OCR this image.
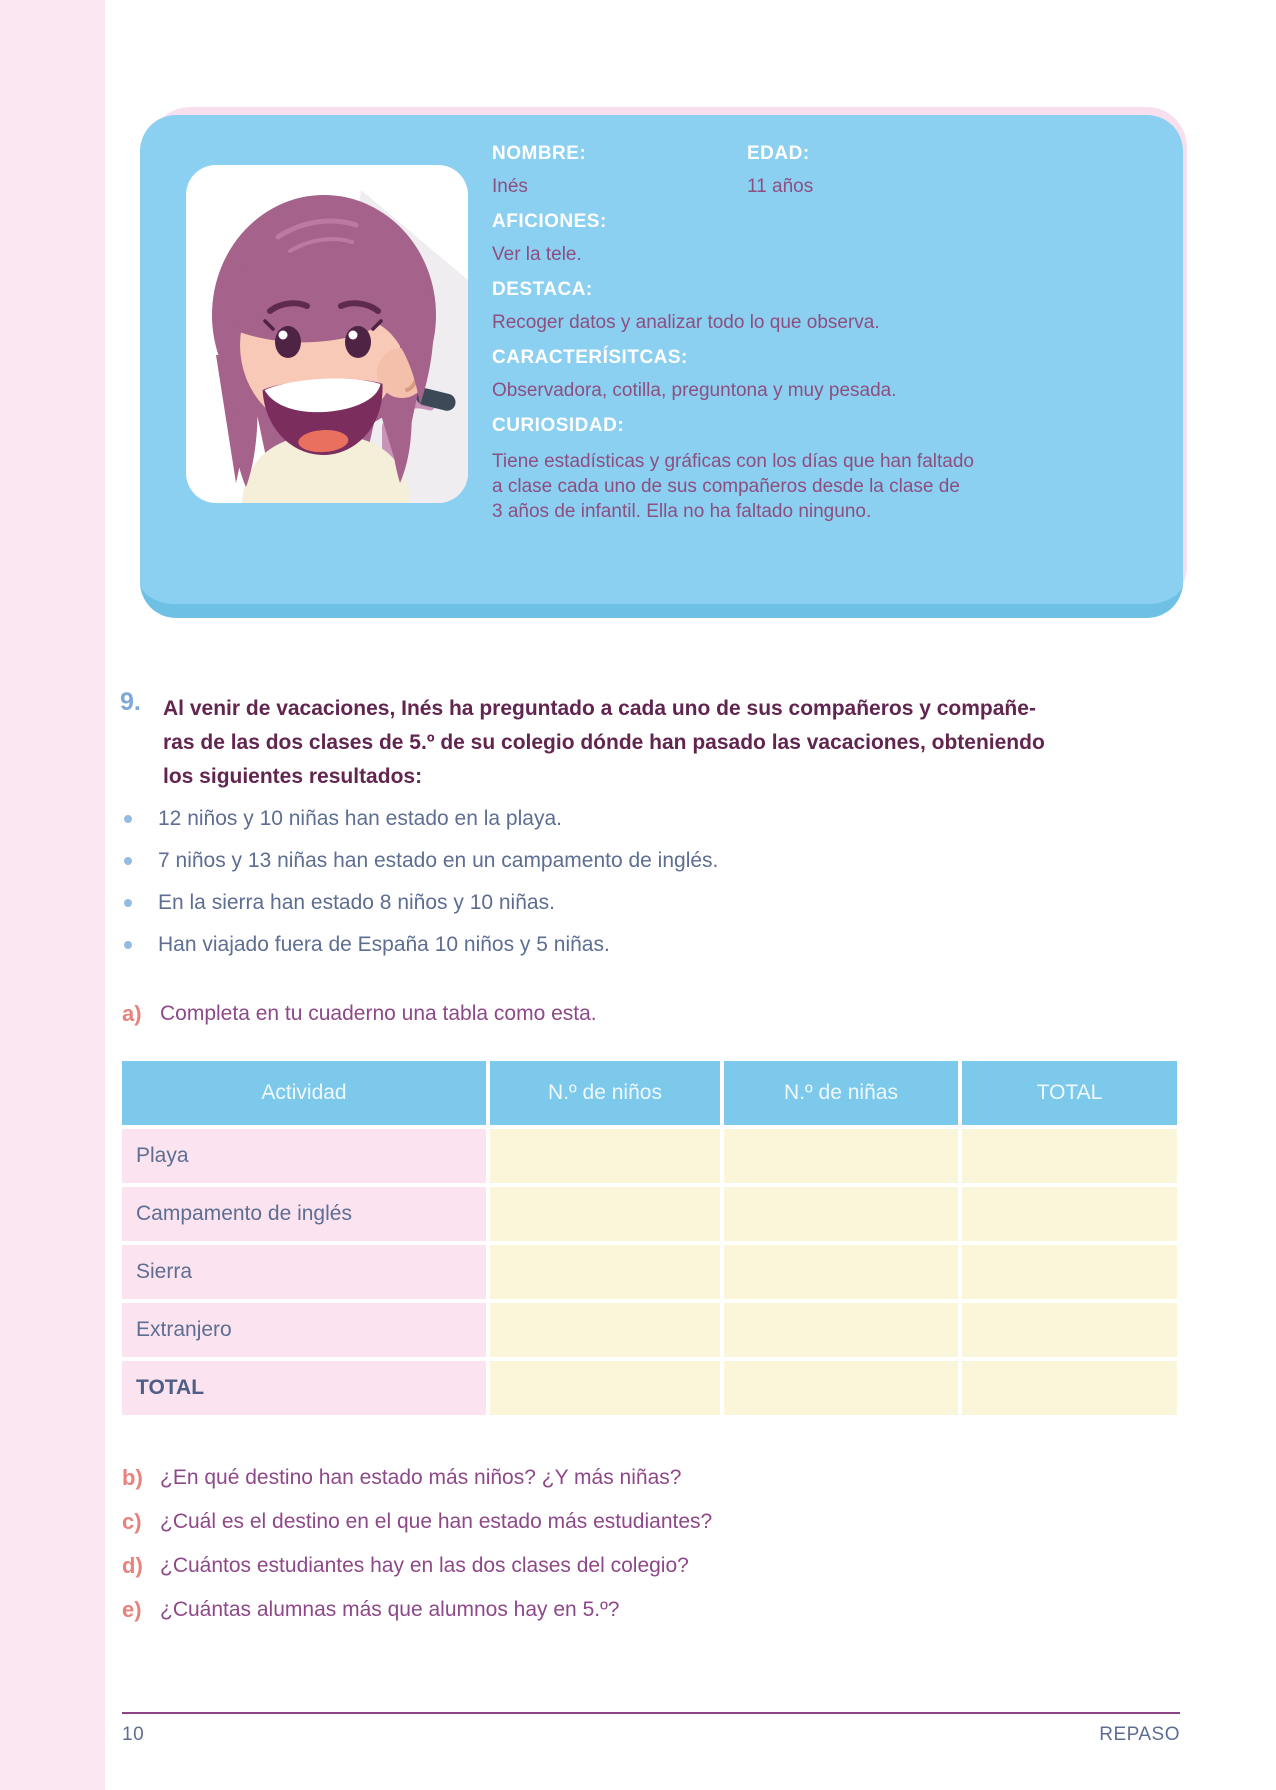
NOMBRE:
Inés
EDAD:
11 años
AFICIONES:
Ver la tele.
DESTACA:
Recoger datos y analizar todo lo que observa.
CARACTERÍSITCAS:
Observadora, cotilla, preguntona y muy pesada.
CURIOSIDAD:
Tiene estadísticas y gráficas con los días que han faltado
a clase cada uno de sus compañeros desde la clase de
3 años de infantil. Ella no ha faltado ninguno.
9. Al venir de vacaciones, Inés ha preguntado a cada uno de sus compañeros y compañe-
ras de las dos clases de 5.º de su colegio dónde han pasado las vacaciones, obteniendo
los siguientes resultados:
12 niños y 10 niñas han estado en la playa.
7 niños y 13 niñas han estado en un campamento de inglés.
En la sierra han estado 8 niños y 10 niñas.
Han viajado fuera de España 10 niños y 5 niñas.
a) Completa en tu cuaderno una tabla como esta.
Actividad	N.º de niños	N.º de niñas	TOTAL
Playa
Campamento de inglés
Sierra
Extranjero
TOTAL
b) ¿En qué destino han estado más niños? ¿Y más niñas?
c) ¿Cuál es el destino en el que han estado más estudiantes?
d) ¿Cuántos estudiantes hay en las dos clases del colegio?
e) ¿Cuántas alumnas más que alumnos hay en 5.º?
10	REPASO
